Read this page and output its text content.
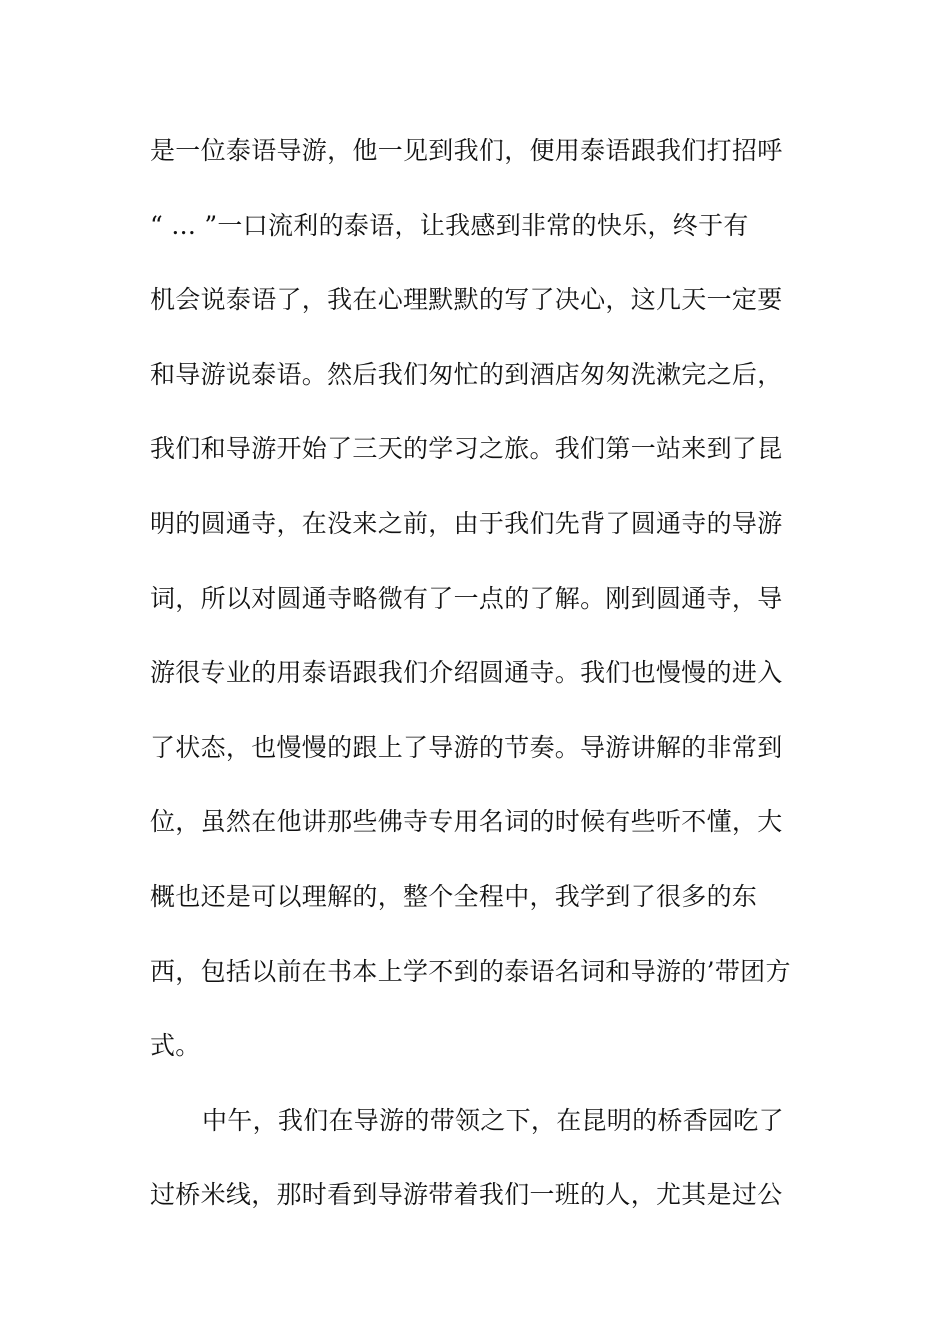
是一位泰语导游，他一见到我们，便用泰语跟我们打招呼
“ ... ”一口流利的泰语，让我感到非常的快乐，终于有
机会说泰语了，我在心理默默的写了决心，这几天一定要
和导游说泰语。然后我们匆忙的到酒店匆匆洗漱完之后，
我们和导游开始了三天的学习之旅。我们第一站来到了昆
明的圆通寺，在没来之前，由于我们先背了圆通寺的导游
词，所以对圆通寺略微有了一点的了解。刚到圆通寺，导
游很专业的用泰语跟我们介绍圆通寺。我们也慢慢的进入
了状态，也慢慢的跟上了导游的节奏。导游讲解的非常到
位，虽然在他讲那些佛寺专用名词的时候有些听不懂，大
概也还是可以理解的，整个全程中，我学到了很多的东
西，包括以前在书本上学不到的泰语名词和导游的’带团方
式。
中午，我们在导游的带领之下，在昆明的桥香园吃了
过桥米线，那时看到导游带着我们一班的人，尤其是过公
